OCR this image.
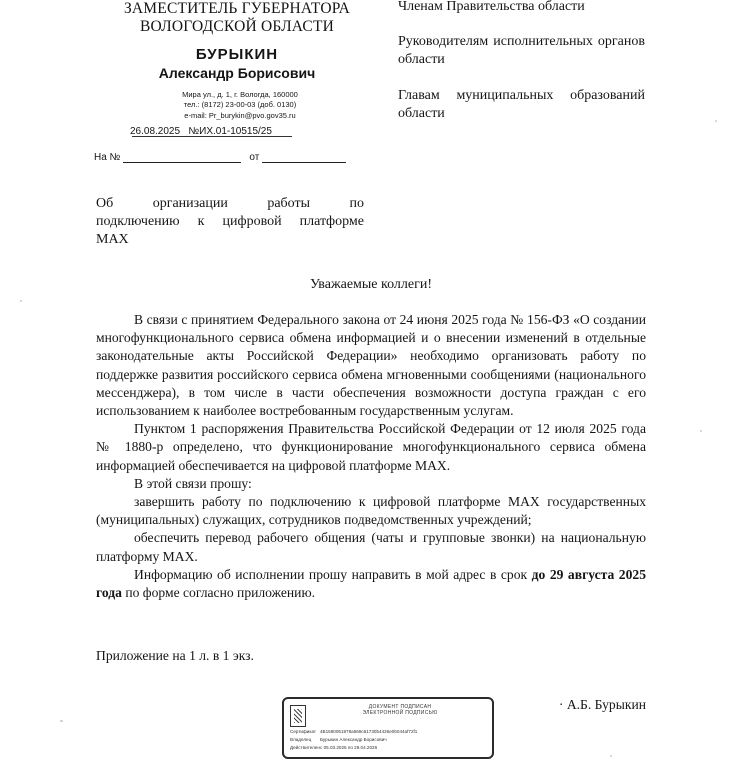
ЗАМЕСТИТЕЛЬ ГУБЕРНАТОРА
ВОЛОГОДСКОЙ ОБЛАСТИ
БУРЫКИН
Александр Борисович
Мира ул., д. 1, г. Вологда, 160000
тел.: (8172) 23-00-03 (доб. 0130)
e-mail: Pr_burykin@pvo.gov35.ru
26.08.2025 №ИХ.01-10515/25
На №	от
Членам Правительства области
Руководителям исполнительных органов области
Главам муниципальных образований области
Об организации работы по
подключению к цифровой платформе
MAX
Уважаемые коллеги!

В связи с принятием Федерального закона от 24 июня 2025 года № 156-ФЗ «О создании многофункционального сервиса обмена информацией и о внесении изменений в отдельные законодательные акты Российской Федерации» необходимо организовать работу по поддержке развития российского сервиса обмена мгновенными сообщениями (национального мессенджера), в том числе в части обеспечения возможности доступа граждан с его использованием к наиболее востребованным государственным услугам.

Пунктом 1 распоряжения Правительства Российской Федерации от 12 июля 2025 года № 1880-р определено, что функционирование многофункционального сервиса обмена информацией обеспечивается на цифровой платформе MAX.

В этой связи прошу:

завершить работу по подключению к цифровой платформе MAX государственных (муниципальных) служащих, сотрудников подведомственных учреждений;

обеспечить перевод рабочего общения (чаты и групповые звонки) на национальную платформу MAX.

Информацию об исполнении прошу направить в мой адрес в срок до 29 августа 2025 года по форме согласно приложению.

Приложение на 1 л. в 1 экз.
· А.Б. Бурыкин
ДОКУМЕНТ ПОДПИСАН
ЭЛЕКТРОННОЙ ПОДПИСЬЮ
Сертификат 4B1580051978a568c61730b4426e0b044af72f1
Владелец Бурыкин Александр Борисович
Действителенс 05.03.2025 по 29.04.2026
